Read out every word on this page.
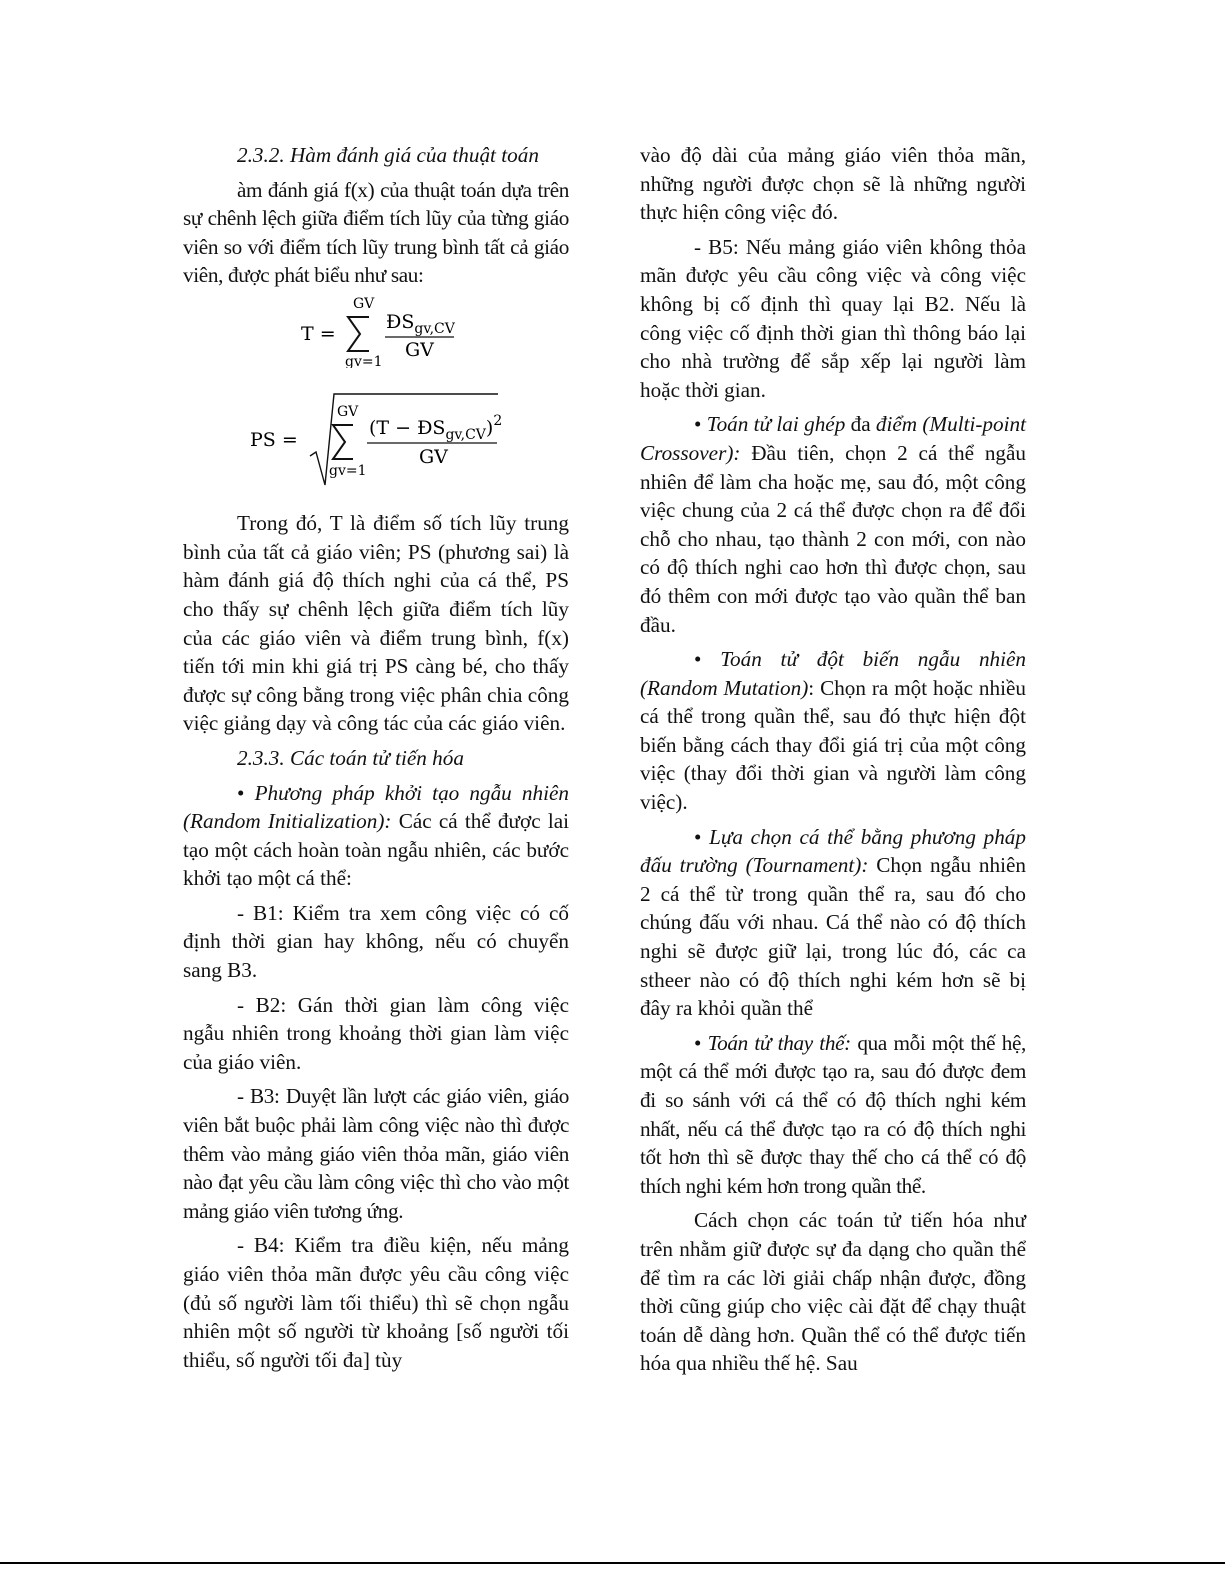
2.3.2. Hàm đánh giá của thuật toán

àm đánh giá f(x) của thuật toán dựa trên sự chênh lệch giữa điểm tích lũy của từng giáo viên so với điểm tích lũy trung bình tất cả giáo viên, được phát biểu như sau:

T =
GV
gv=1
$ĐS_{gv,CV}$
GV
PS =
GV
gv=1
$(T - ĐS_{gv,CV})^2$
GV

Trong đó, T là điểm số tích lũy trung bình của tất cả giáo viên; PS (phương sai) là hàm đánh giá độ thích nghi của cá thể, PS cho thấy sự chênh lệch giữa điểm tích lũy của các giáo viên và điểm trung bình, f(x) tiến tới min khi giá trị PS càng bé, cho thấy được sự công bằng trong việc phân chia công việc giảng dạy và công tác của các giáo viên.

2.3.3. Các toán tử tiến hóa

• Phương pháp khởi tạo ngẫu nhiên (Random Initialization): Các cá thể được lai tạo một cách hoàn toàn ngẫu nhiên, các bước khởi tạo một cá thể:

- B1: Kiểm tra xem công việc có cố định thời gian hay không, nếu có chuyển sang B3.

- B2: Gán thời gian làm công việc ngẫu nhiên trong khoảng thời gian làm việc của giáo viên.

- B3: Duyệt lần lượt các giáo viên, giáo viên bắt buộc phải làm công việc nào thì được thêm vào mảng giáo viên thỏa mãn, giáo viên nào đạt yêu cầu làm công việc thì cho vào một mảng giáo viên tương ứng.

- B4: Kiểm tra điều kiện, nếu mảng giáo viên thỏa mãn được yêu cầu công việc (đủ số người làm tối thiểu) thì sẽ chọn ngẫu nhiên một số người từ khoảng [số người tối thiểu, số người tối đa] tùy

vào độ dài của mảng giáo viên thỏa mãn, những người được chọn sẽ là những người thực hiện công việc đó.

- B5: Nếu mảng giáo viên không thỏa mãn được yêu cầu công việc và công việc không bị cố định thì quay lại B2. Nếu là công việc cố định thời gian thì thông báo lại cho nhà trường để sắp xếp lại người làm hoặc thời gian.

• Toán tử lai ghép đa điểm (Multi-point Crossover): Đầu tiên, chọn 2 cá thể ngẫu nhiên để làm cha hoặc mẹ, sau đó, một công việc chung của 2 cá thể được chọn ra để đổi chỗ cho nhau, tạo thành 2 con mới, con nào có độ thích nghi cao hơn thì được chọn, sau đó thêm con mới được tạo vào quần thể ban đầu.

• Toán tử đột biến ngẫu nhiên (Random Mutation): Chọn ra một hoặc nhiều cá thể trong quần thể, sau đó thực hiện đột biến bằng cách thay đổi giá trị của một công việc (thay đổi thời gian và người làm công việc).

• Lựa chọn cá thể bằng phương pháp đấu trường (Tournament): Chọn ngẫu nhiên 2 cá thể từ trong quần thể ra, sau đó cho chúng đấu với nhau. Cá thể nào có độ thích nghi sẽ được giữ lại, trong lúc đó, các ca stheer nào có độ thích nghi kém hơn sẽ bị đây ra khỏi quần thể

• Toán tử thay thế: qua mỗi một thế hệ, một cá thể mới được tạo ra, sau đó được đem đi so sánh với cá thể có độ thích nghi kém nhất, nếu cá thể được tạo ra có độ thích nghi tốt hơn thì sẽ được thay thế cho cá thể có độ thích nghi kém hơn trong quần thể.

Cách chọn các toán tử tiến hóa như trên nhằm giữ được sự đa dạng cho quần thể để tìm ra các lời giải chấp nhận được, đồng thời cũng giúp cho việc cài đặt để chạy thuật toán dễ dàng hơn. Quần thể có thể được tiến hóa qua nhiều thế hệ. Sau
